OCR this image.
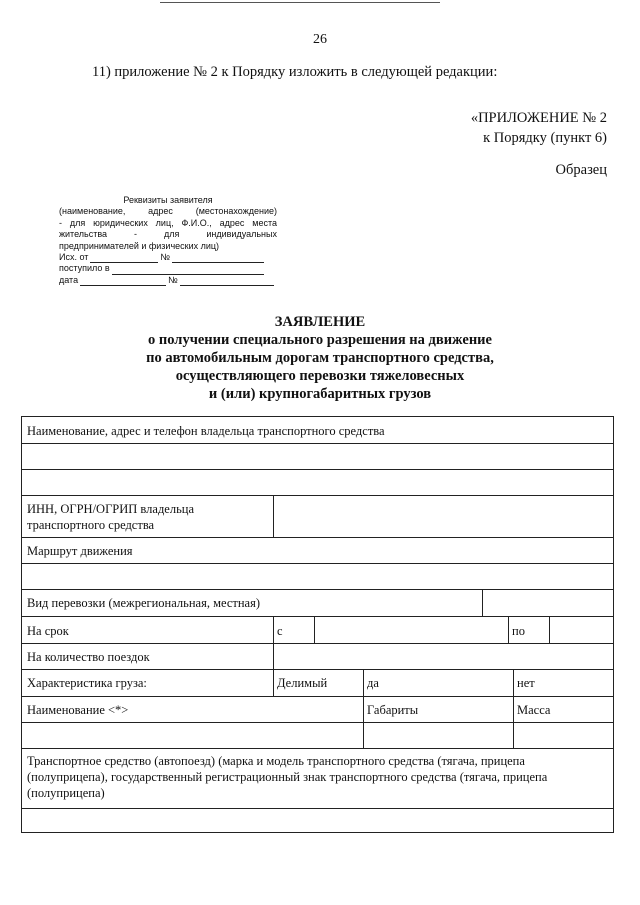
26
11) приложение № 2 к Порядку изложить в следующей редакции:
«ПРИЛОЖЕНИЕ № 2
к Порядку (пункт 6)
Образец
Реквизиты заявителя
(наименование, адрес (местонахождение)
- для юридических лиц, Ф.И.О., адрес места
жительства - для индивидуальных
предпринимателей и физических лиц)
Исх. от	№
поступило в
дата	№
ЗАЯВЛЕНИЕ
о получении специального разрешения на движение
по автомобильным дорогам транспортного средства,
осуществляющего перевозки тяжеловесных
и (или) крупногабаритных грузов
Наименование, адрес и телефон владельца транспортного средства
ИНН, ОГРН/ОГРИП владельца транспортного средства
Маршрут движения
Вид перевозки (межрегиональная, местная)
На срок	с	по
На количество поездок
Характеристика груза:	Делимый	да	нет
Наименование <*>	Габариты	Масса
Транспортное средство (автопоезд) (марка и модель транспортного средства (тягача, прицепа (полуприцепа), государственный регистрационный знак транспортного средства (тягача, прицепа (полуприцепа)
